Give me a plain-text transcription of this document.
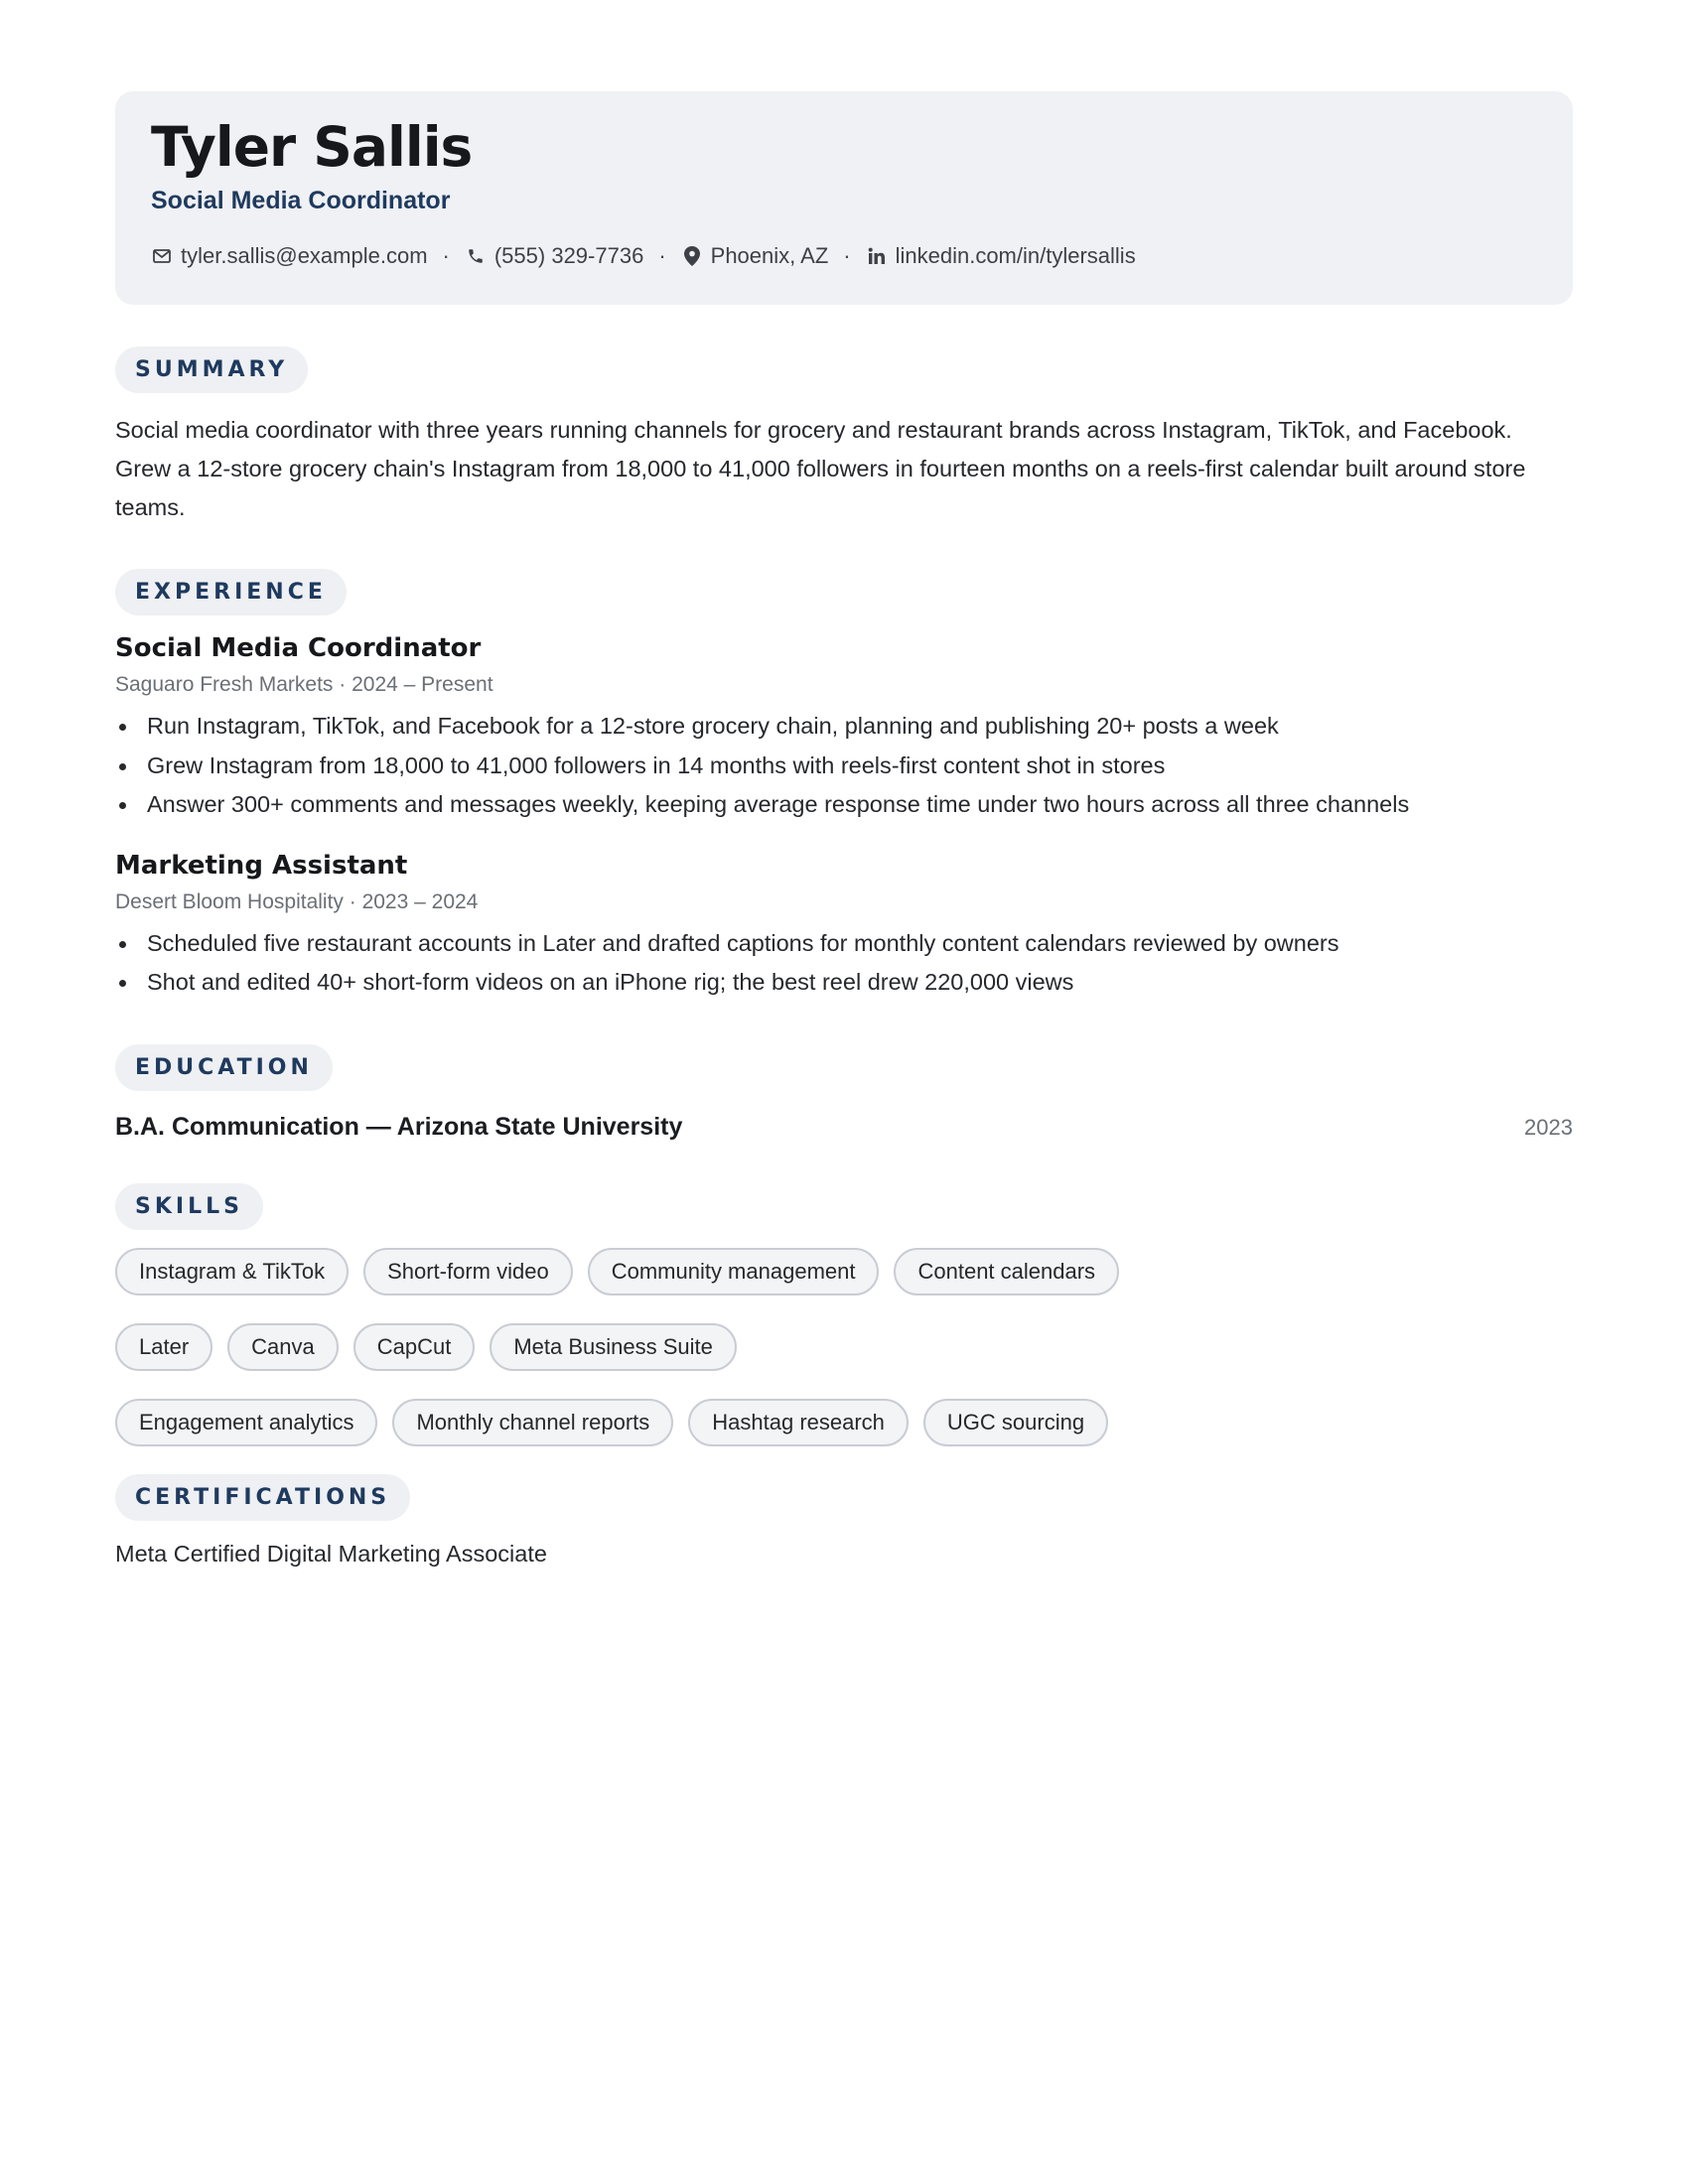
Tyler Sallis
Social Media Coordinator
tyler.sallis@example.com · (555) 329-7736 · Phoenix, AZ · linkedin.com/in/tylersallis
SUMMARY
Social media coordinator with three years running channels for grocery and restaurant brands across Instagram, TikTok, and Facebook. Grew a 12-store grocery chain's Instagram from 18,000 to 41,000 followers in fourteen months on a reels-first calendar built around store teams.
EXPERIENCE
Social Media Coordinator
Saguaro Fresh Markets · 2024 – Present
Run Instagram, TikTok, and Facebook for a 12-store grocery chain, planning and publishing 20+ posts a week
Grew Instagram from 18,000 to 41,000 followers in 14 months with reels-first content shot in stores
Answer 300+ comments and messages weekly, keeping average response time under two hours across all three channels
Marketing Assistant
Desert Bloom Hospitality · 2023 – 2024
Scheduled five restaurant accounts in Later and drafted captions for monthly content calendars reviewed by owners
Shot and edited 40+ short-form videos on an iPhone rig; the best reel drew 220,000 views
EDUCATION
B.A. Communication — Arizona State University	2023
SKILLS
Instagram & TikTok	Short-form video	Community management	Content calendars
Later	Canva	CapCut	Meta Business Suite
Engagement analytics	Monthly channel reports	Hashtag research	UGC sourcing
CERTIFICATIONS
Meta Certified Digital Marketing Associate
